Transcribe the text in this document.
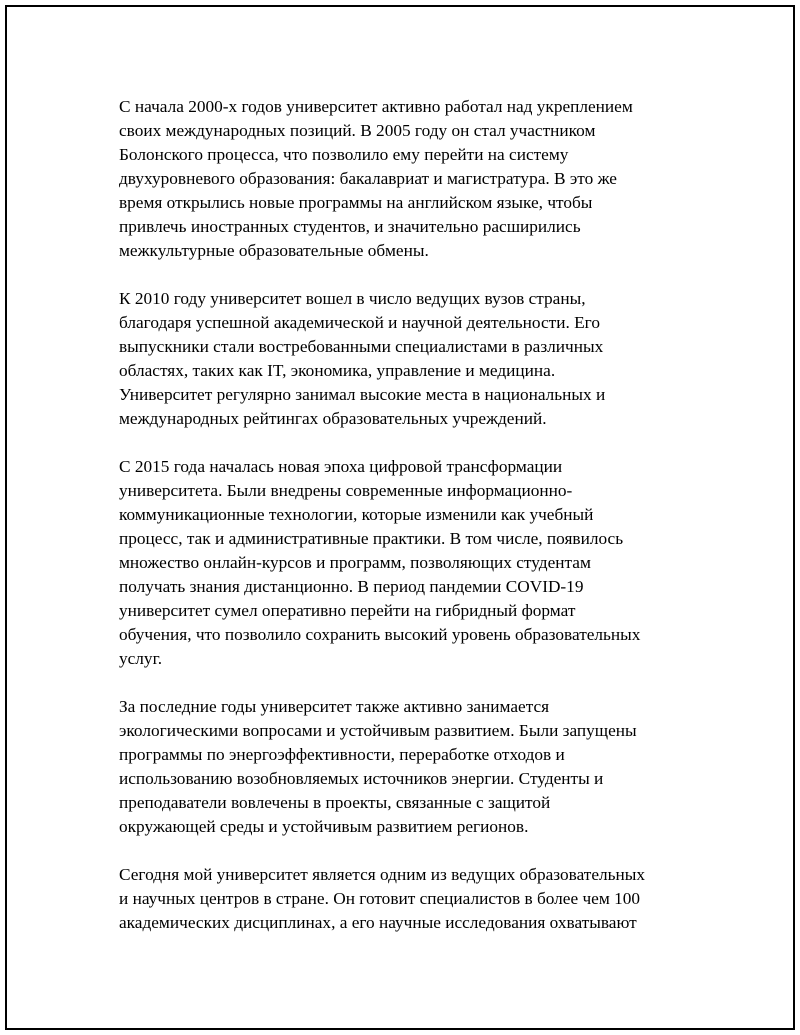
С начала 2000-х годов университет активно работал над укреплением
своих международных позиций. В 2005 году он стал участником
Болонского процесса, что позволило ему перейти на систему
двухуровневого образования: бакалавриат и магистратура. В это же
время открылись новые программы на английском языке, чтобы
привлечь иностранных студентов, и значительно расширились
межкультурные образовательные обмены.
К 2010 году университет вошел в число ведущих вузов страны,
благодаря успешной академической и научной деятельности. Его
выпускники стали востребованными специалистами в различных
областях, таких как IT, экономика, управление и медицина.
Университет регулярно занимал высокие места в национальных и
международных рейтингах образовательных учреждений.
С 2015 года началась новая эпоха цифровой трансформации
университета. Были внедрены современные информационно-
коммуникационные технологии, которые изменили как учебный
процесс, так и административные практики. В том числе, появилось
множество онлайн-курсов и программ, позволяющих студентам
получать знания дистанционно. В период пандемии COVID-19
университет сумел оперативно перейти на гибридный формат
обучения, что позволило сохранить высокий уровень образовательных
услуг.
За последние годы университет также активно занимается
экологическими вопросами и устойчивым развитием. Были запущены
программы по энергоэффективности, переработке отходов и
использованию возобновляемых источников энергии. Студенты и
преподаватели вовлечены в проекты, связанные с защитой
окружающей среды и устойчивым развитием регионов.
Сегодня мой университет является одним из ведущих образовательных
и научных центров в стране. Он готовит специалистов в более чем 100
академических дисциплинах, а его научные исследования охватывают
